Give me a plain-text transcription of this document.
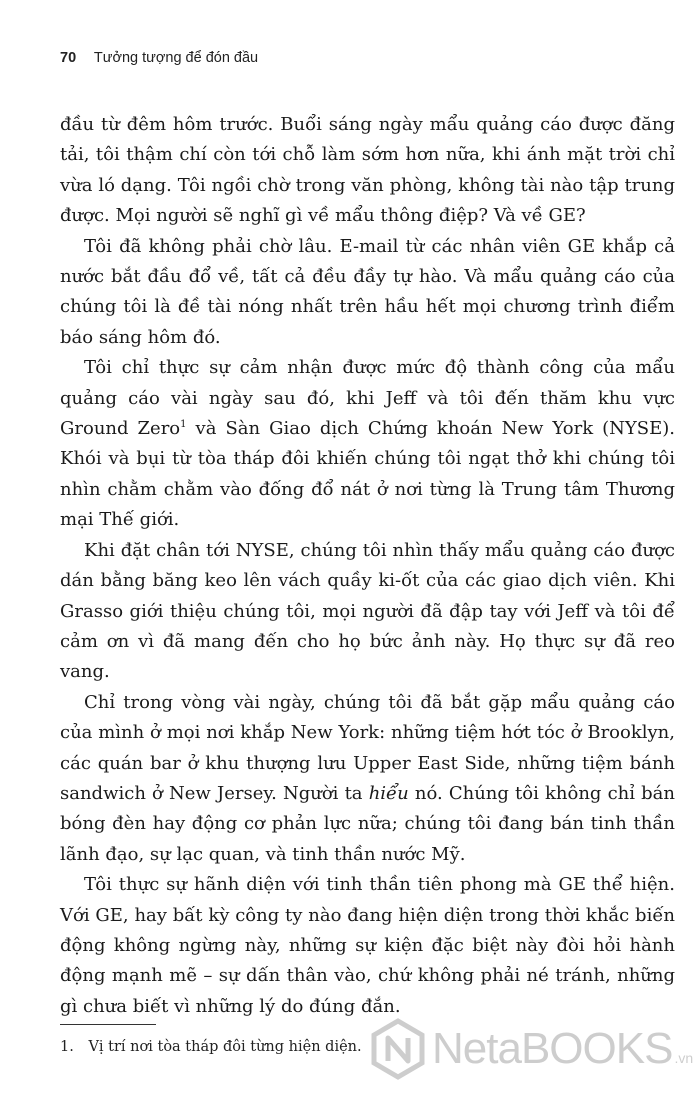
70 Tưởng tượng để đón đầu

đầu từ đêm hôm trước. Buổi sáng ngày mẩu quảng cáo được đăng tải, tôi thậm chí còn tới chỗ làm sớm hơn nữa, khi ánh mặt trời chỉ vừa ló dạng. Tôi ngồi chờ trong văn phòng, không tài nào tập trung được. Mọi người sẽ nghĩ gì về mẩu thông điệp? Và về GE?

Tôi đã không phải chờ lâu. E-mail từ các nhân viên GE khắp cả nước bắt đầu đổ về, tất cả đều đầy tự hào. Và mẩu quảng cáo của chúng tôi là đề tài nóng nhất trên hầu hết mọi chương trình điểm báo sáng hôm đó.

Tôi chỉ thực sự cảm nhận được mức độ thành công của mẩu quảng cáo vài ngày sau đó, khi Jeff và tôi đến thăm khu vực Ground Zero$^1$ và Sàn Giao dịch Chứng khoán New York (NYSE). Khói và bụi từ tòa tháp đôi khiến chúng tôi ngạt thở khi chúng tôi nhìn chằm chằm vào đống đổ nát ở nơi từng là Trung tâm Thương mại Thế giới.

Khi đặt chân tới NYSE, chúng tôi nhìn thấy mẩu quảng cáo được dán bằng băng keo lên vách quầy ki-ốt của các giao dịch viên. Khi Grasso giới thiệu chúng tôi, mọi người đã đập tay với Jeff và tôi để cảm ơn vì đã mang đến cho họ bức ảnh này. Họ thực sự đã reo vang.

Chỉ trong vòng vài ngày, chúng tôi đã bắt gặp mẩu quảng cáo của mình ở mọi nơi khắp New York: những tiệm hớt tóc ở Brooklyn, các quán bar ở khu thượng lưu Upper East Side, những tiệm bánh sandwich ở New Jersey. Người ta hiểu nó. Chúng tôi không chỉ bán bóng đèn hay động cơ phản lực nữa; chúng tôi đang bán tinh thần lãnh đạo, sự lạc quan, và tinh thần nước Mỹ.

Tôi thực sự hãnh diện với tinh thần tiên phong mà GE thể hiện. Với GE, hay bất kỳ công ty nào đang hiện diện trong thời khắc biến động không ngừng này, những sự kiện đặc biệt này đòi hỏi hành động mạnh mẽ – sự dấn thân vào, chứ không phải né tránh, những gì chưa biết vì những lý do đúng đắn.

1. Vị trí nơi tòa tháp đôi từng hiện diện. NetaBOOKS .vn
